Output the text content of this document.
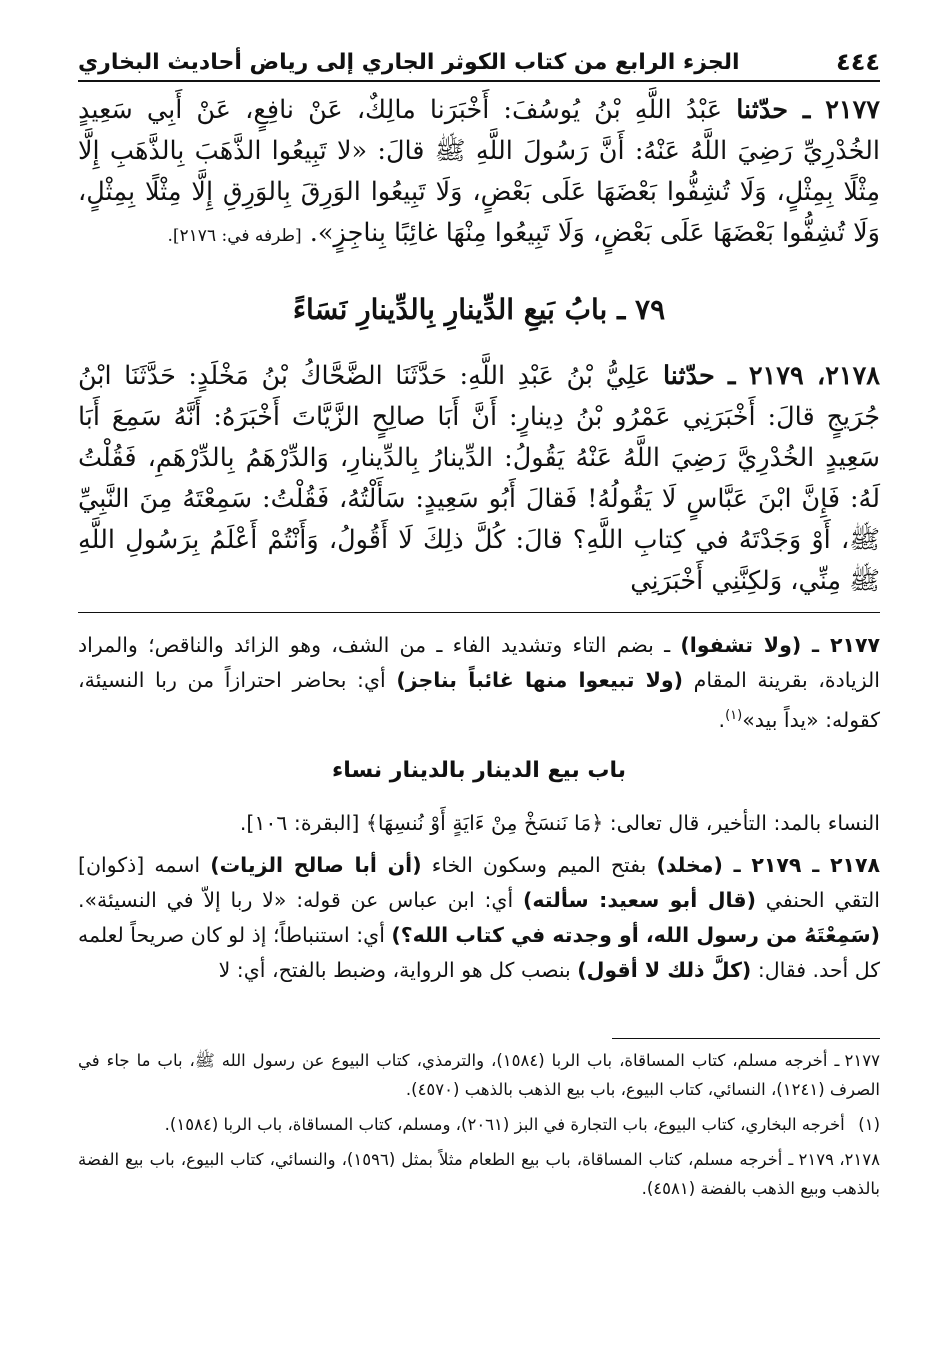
٤٤٤
الجزء الرابع من كتاب الكوثر الجاري إلى رياض أحاديث البخاري

٢١٧٧ ـ حدّثنا عَبْدُ اللَّهِ بْنُ يُوسُفَ: أَخْبَرَنا مالِكٌ، عَنْ نافِعٍ، عَنْ أَبِي سَعِيدٍ الخُدْرِيِّ رَضِيَ اللَّهُ عَنْهُ: أَنَّ رَسُولَ اللَّهِ ﷺ قالَ: «لا تَبِيعُوا الذَّهَبَ بِالذَّهَبِ إِلَّا مِثْلًا بِمِثْلٍ، وَلَا تُشِفُّوا بَعْضَهَا عَلَى بَعْضٍ، وَلَا تَبِيعُوا الوَرِقَ بِالوَرِقِ إِلَّا مِثْلًا بِمِثْلٍ، وَلَا تُشِفُّوا بَعْضَهَا عَلَى بَعْضٍ، وَلَا تَبِيعُوا مِنْهَا غائِبًا بِناجِزٍ». [طرفه في: ٢١٧٦].

٧٩ ـ بابُ بَيعِ الدِّينارِ بِالدِّينارِ نَسَاءً

٢١٧٨، ٢١٧٩ ـ حدّثنا عَلِيُّ بْنُ عَبْدِ اللَّهِ: حَدَّثَنَا الضَّحَّاكُ بْنُ مَخْلَدٍ: حَدَّثَنَا ابْنُ جُرَيجٍ قالَ: أَخْبَرَنِي عَمْرُو بْنُ دِينارٍ: أَنَّ أَبَا صالِحٍ الزَّيَّاتَ أَخْبَرَهُ: أَنَّهُ سَمِعَ أَبَا سَعِيدٍ الخُدْرِيَّ رَضِيَ اللَّهُ عَنْهُ يَقُولُ: الدِّينارُ بِالدِّينارِ، وَالدِّرْهَمُ بِالدِّرْهَمِ، فَقُلْتُ لَهُ: فَإِنَّ ابْنَ عَبَّاسٍ لَا يَقُولُهُ! فَقالَ أَبُو سَعِيدٍ: سَأَلْتُهُ، فَقُلْتُ: سَمِعْتَهُ مِنَ النَّبِيِّ ﷺ، أَوْ وَجَدْتَهُ في كِتابِ اللَّهِ؟ قالَ: كُلَّ ذلِكَ لَا أَقُولُ، وَأَنْتُمْ أَعْلَمُ بِرَسُولِ اللَّهِ ﷺ مِنِّي، وَلكِنَّنِي أَخْبَرَنِي

٢١٧٧ ـ (ولا تشفوا) ـ بضم التاء وتشديد الفاء ـ من الشف، وهو الزائد والناقص؛ والمراد الزيادة، بقرينة المقام (ولا تبيعوا منها غائباً بناجز) أي: بحاضر احترازاً من ربا النسيئة، كقوله: «يداً بيد»$^{(١)}$.

باب بيع الدينار بالدينار نساء

النساء بالمد: التأخير، قال تعالى: ﴿مَا نَنسَخْ مِنْ ءَايَةٍ أَوْ نُنسِهَا﴾ [البقرة: ١٠٦].

٢١٧٨ ـ ٢١٧٩ ـ (مخلد) بفتح الميم وسكون الخاء (أن أبا صالح الزيات) اسمه [ذكوان] التقي الحنفي (قال أبو سعيد: سألته) أي: ابن عباس عن قوله: «لا ربا إلاّ في النسيئة». (سَمِعْتَهُ من رسول الله، أو وجدته في كتاب الله؟) أي: استنباطاً؛ إذ لو كان صريحاً لعلمه كل أحد. فقال: (كلَّ ذلك لا أقول) بنصب كل هو الرواية، وضبط بالفتح، أي: لا

٢١٧٧ ـ أخرجه مسلم، كتاب المساقاة، باب الربا (١٥٨٤)، والترمذي، كتاب البيوع عن رسول الله ﷺ، باب ما جاء في الصرف (١٢٤١)، النسائي، كتاب البيوع، باب بيع الذهب بالذهب (٤٥٧٠).

(١) أخرجه البخاري، كتاب البيوع، باب التجارة في البز (٢٠٦١)، ومسلم، كتاب المساقاة، باب الربا (١٥٨٤).

٢١٧٨، ٢١٧٩ ـ أخرجه مسلم، كتاب المساقاة، باب بيع الطعام مثلاً بمثل (١٥٩٦)، والنسائي، كتاب البيوع، باب بيع الفضة بالذهب وبيع الذهب بالفضة (٤٥٨١).
